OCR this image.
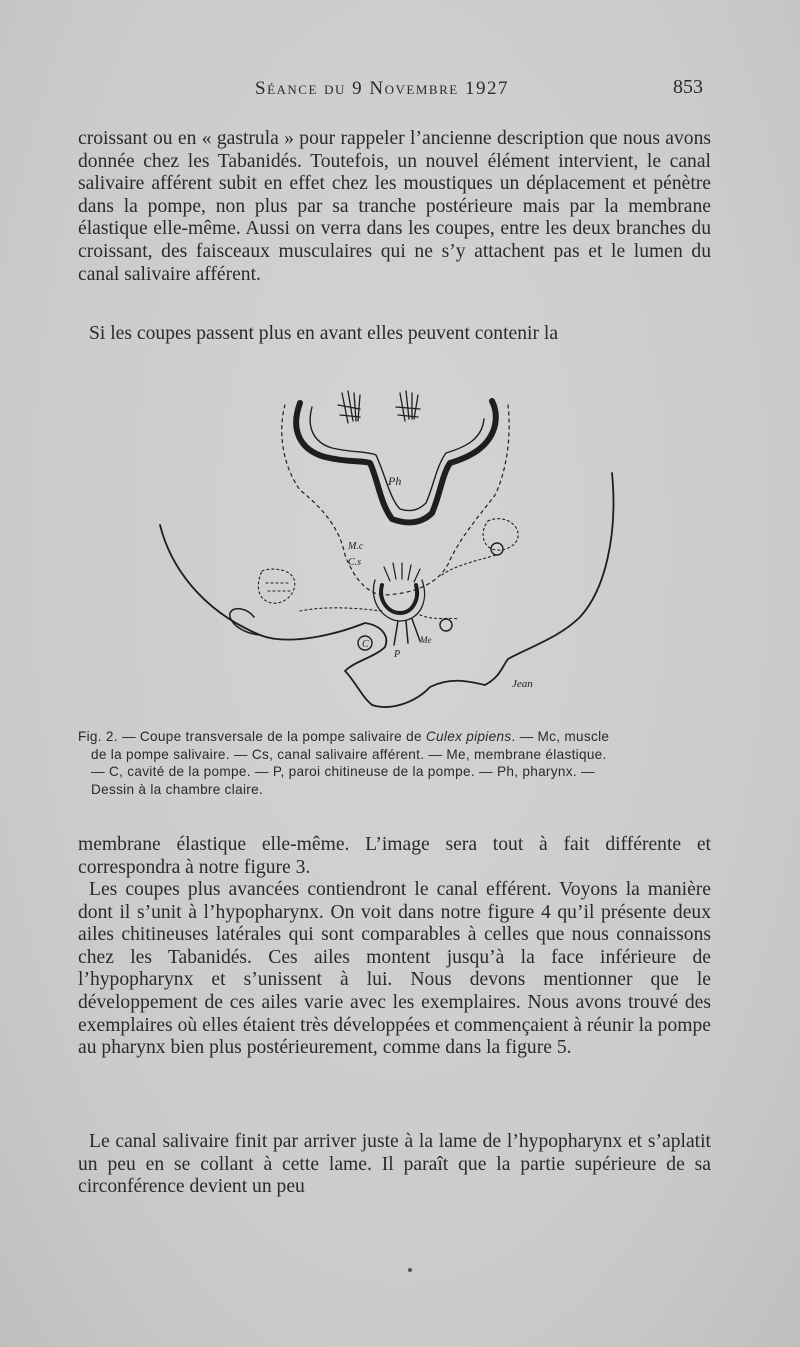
Séance du 9 Novembre 1927	853

croissant ou en « gastrula » pour rappeler l’ancienne description que nous avons donnée chez les Tabanidés. Toutefois, un nouvel élément intervient, le canal salivaire afférent subit en effet chez les moustiques un déplacement et pénètre dans la pompe, non plus par sa tranche postérieure mais par la membrane élastique elle-même. Aussi on verra dans les coupes, entre les deux branches du croissant, des faisceaux musculaires qui ne s’y attachent pas et le lumen du canal salivaire afférent.

Si les coupes passent plus en avant elles peuvent contenir la

Ph
M.c
C.s
C
P
Me
Jean
Fig. 2. — Coupe transversale de la pompe salivaire de Culex pipiens. — Mc, muscle
de la pompe salivaire. — Cs, canal salivaire afférent. — Me, membrane élastique.
— C, cavité de la pompe. — P, paroi chitineuse de la pompe. — Ph, pharynx. —
Dessin à la chambre claire.

membrane élastique elle-même. L’image sera tout à fait différente et correspondra à notre figure 3.

Les coupes plus avancées contiendront le canal efférent. Voyons la manière dont il s’unit à l’hypopharynx. On voit dans notre figure 4 qu’il présente deux ailes chitineuses latérales qui sont comparables à celles que nous connaissons chez les Tabanidés. Ces ailes montent jusqu’à la face inférieure de l’hypopharynx et s’unissent à lui. Nous devons mentionner que le développement de ces ailes varie avec les exemplaires. Nous avons trouvé des exemplaires où elles étaient très développées et commençaient à réunir la pompe au pharynx bien plus postérieurement, comme dans la figure 5.

Le canal salivaire finit par arriver juste à la lame de l’hypopharynx et s’aplatit un peu en se collant à cette lame. Il paraît que la partie supérieure de sa circonférence devient un peu
